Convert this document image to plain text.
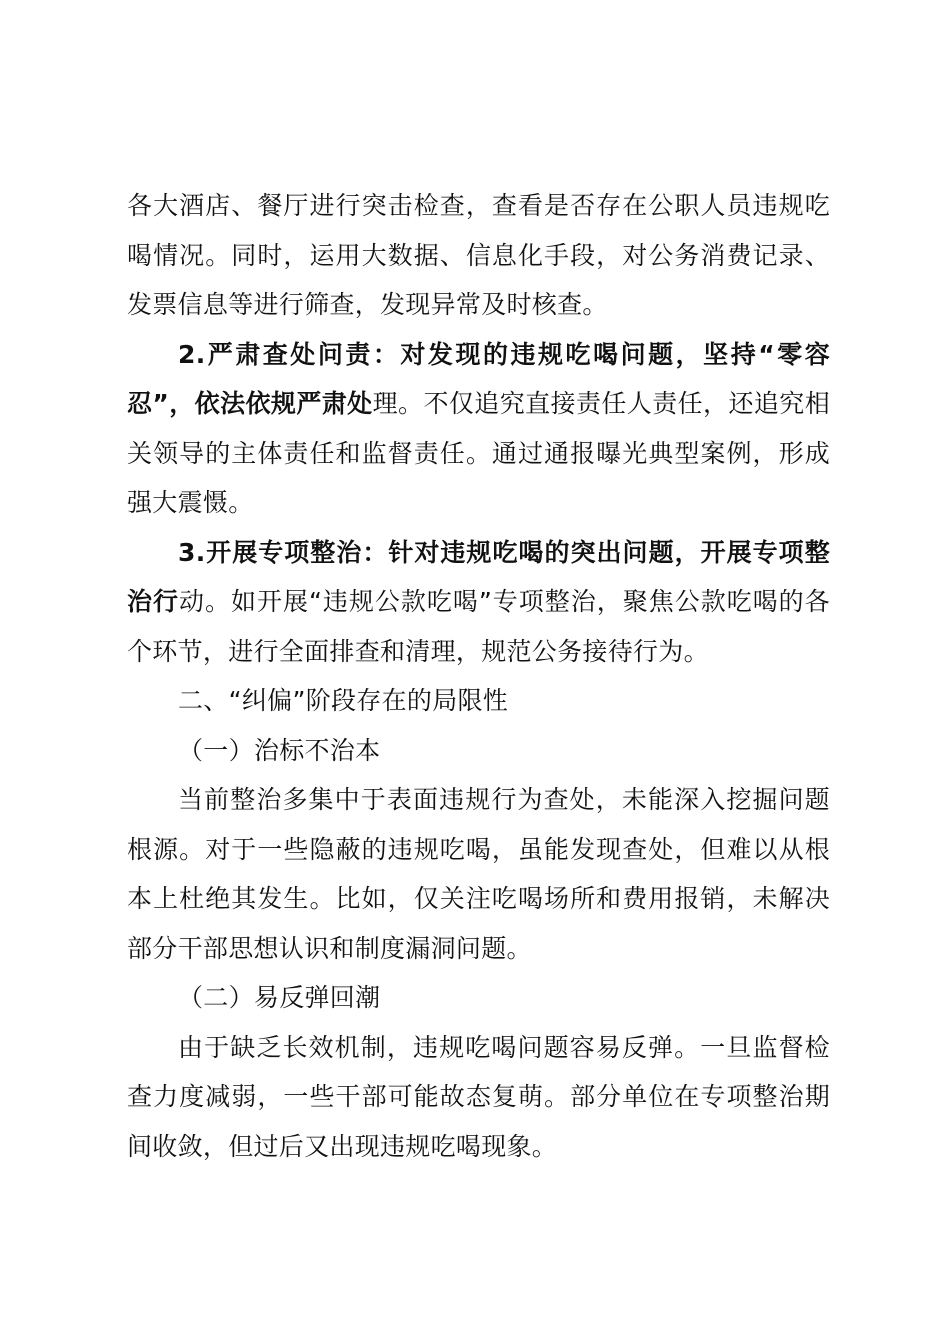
各大酒店、餐厅进行突击检查，查看是否存在公职人员违规吃喝情况。同时，运用大数据、信息化手段，对公务消费记录、发票信息等进行筛查，发现异常及时核查。

2.严肃查处问责：对发现的违规吃喝问题，坚持“零容忍”，依法依规严肃处理。不仅追究直接责任人责任，还追究相关领导的主体责任和监督责任。通过通报曝光典型案例，形成强大震慑。

3.开展专项整治：针对违规吃喝的突出问题，开展专项整治行动。如开展“违规公款吃喝”专项整治，聚焦公款吃喝的各个环节，进行全面排查和清理，规范公务接待行为。

二、“纠偏”阶段存在的局限性

（一）治标不治本

当前整治多集中于表面违规行为查处，未能深入挖掘问题根源。对于一些隐蔽的违规吃喝，虽能发现查处，但难以从根本上杜绝其发生。比如，仅关注吃喝场所和费用报销，未解决部分干部思想认识和制度漏洞问题。

（二）易反弹回潮

由于缺乏长效机制，违规吃喝问题容易反弹。一旦监督检查力度减弱，一些干部可能故态复萌。部分单位在专项整治期间收敛，但过后又出现违规吃喝现象。
